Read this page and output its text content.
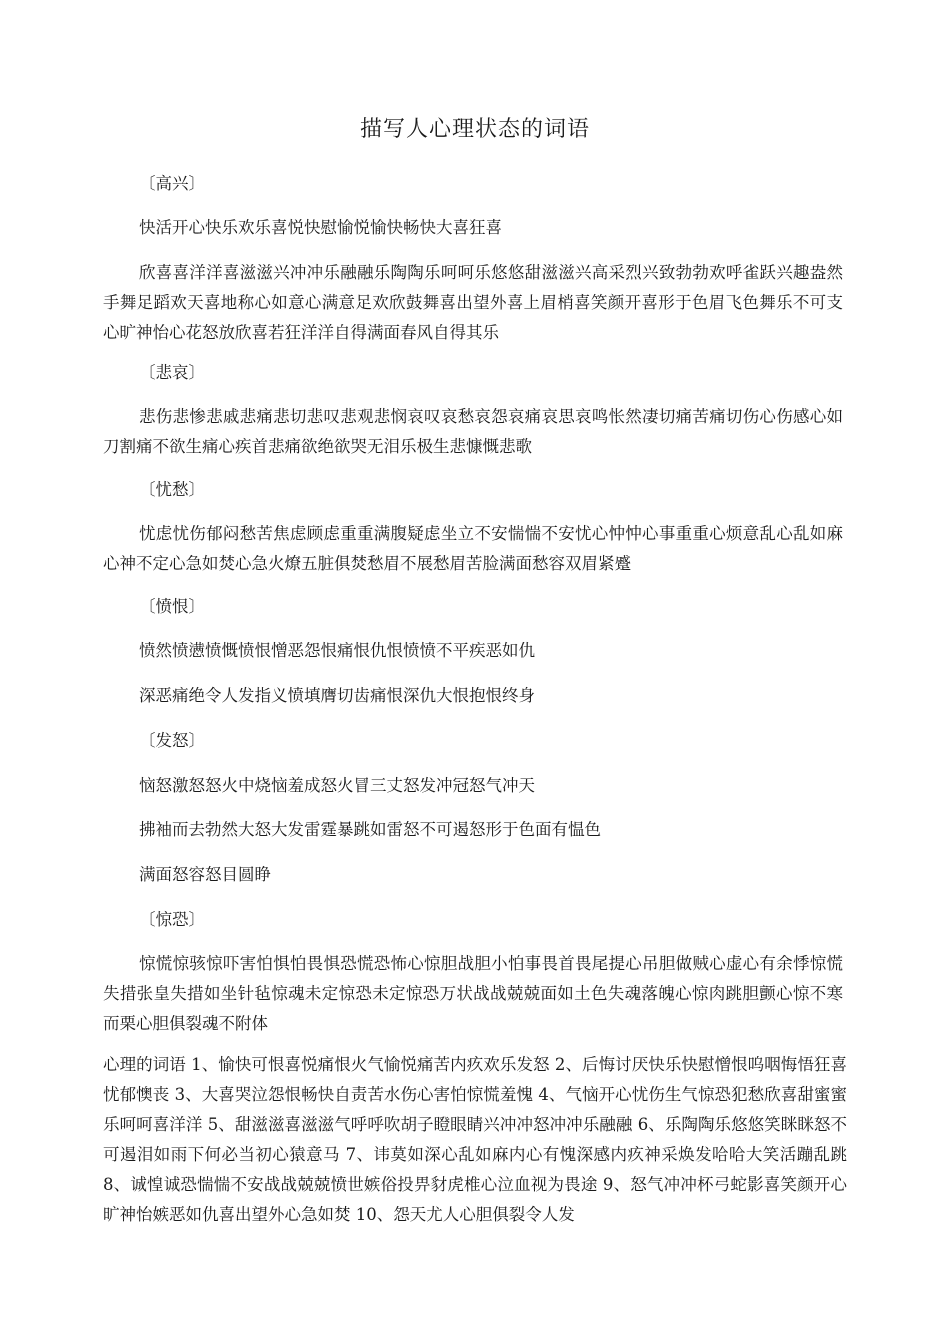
描写人心理状态的词语

〔高兴〕

快活开心快乐欢乐喜悦快慰愉悦愉快畅快大喜狂喜

欣喜喜洋洋喜滋滋兴冲冲乐融融乐陶陶乐呵呵乐悠悠甜滋滋兴高采烈兴致勃勃欢呼雀跃兴趣盎然手舞足蹈欢天喜地称心如意心满意足欢欣鼓舞喜出望外喜上眉梢喜笑颜开喜形于色眉飞色舞乐不可支心旷神怡心花怒放欣喜若狂洋洋自得满面春风自得其乐

〔悲哀〕

悲伤悲惨悲戚悲痛悲切悲叹悲观悲悯哀叹哀愁哀怨哀痛哀思哀鸣怅然凄切痛苦痛切伤心伤感心如刀割痛不欲生痛心疾首悲痛欲绝欲哭无泪乐极生悲慷慨悲歌

〔忧愁〕

忧虑忧伤郁闷愁苦焦虑顾虑重重满腹疑虑坐立不安惴惴不安忧心忡忡心事重重心烦意乱心乱如麻心神不定心急如焚心急火燎五脏俱焚愁眉不展愁眉苦脸满面愁容双眉紧蹙

〔愤恨〕

愤然愤懑愤慨愤恨憎恶怨恨痛恨仇恨愤愤不平疾恶如仇

深恶痛绝令人发指义愤填膺切齿痛恨深仇大恨抱恨终身

〔发怒〕

恼怒激怒怒火中烧恼羞成怒火冒三丈怒发冲冠怒气冲天

拂袖而去勃然大怒大发雷霆暴跳如雷怒不可遏怒形于色面有愠色

满面怒容怒目圆睁

〔惊恐〕

惊慌惊骇惊吓害怕惧怕畏惧恐慌恐怖心惊胆战胆小怕事畏首畏尾提心吊胆做贼心虚心有余悸惊慌失措张皇失措如坐针毡惊魂未定惊恐未定惊恐万状战战兢兢面如土色失魂落魄心惊肉跳胆颤心惊不寒而栗心胆俱裂魂不附体

心理的词语 1、愉快可恨喜悦痛恨火气愉悦痛苦内疚欢乐发怒 2、后悔讨厌快乐快慰憎恨呜咽悔悟狂喜忧郁懊丧 3、大喜哭泣怨恨畅快自责苦水伤心害怕惊慌羞愧 4、气恼开心忧伤生气惊恐犯愁欣喜甜蜜蜜乐呵呵喜洋洋 5、甜滋滋喜滋滋气呼呼吹胡子瞪眼睛兴冲冲怒冲冲乐融融 6、乐陶陶乐悠悠笑眯眯怒不可遏泪如雨下何必当初心猿意马 7、讳莫如深心乱如麻内心有愧深感内疚神采焕发哈哈大笑活蹦乱跳 8、诚惶诚恐惴惴不安战战兢兢愤世嫉俗投畀豺虎椎心泣血视为畏途 9、怒气冲冲杯弓蛇影喜笑颜开心旷神怡嫉恶如仇喜出望外心急如焚 10、怨天尤人心胆俱裂令人发
